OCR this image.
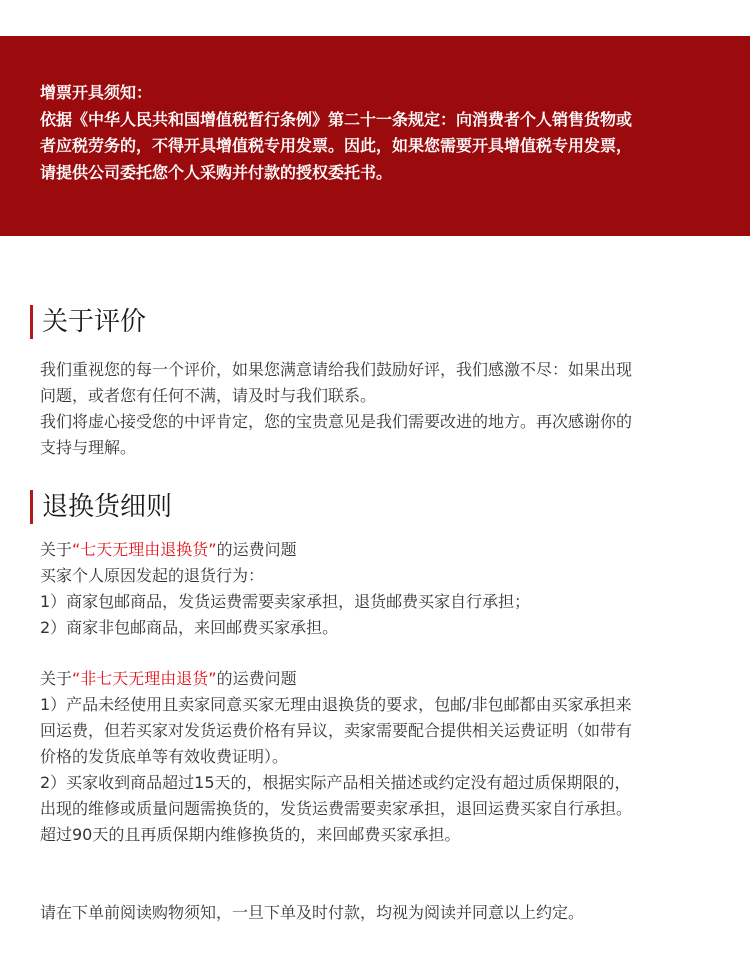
增票开具须知：

依据《中华人民共和国增值税暂行条例》第二十一条规定：向消费者个人销售货物或

者应税劳务的，不得开具增值税专用发票。因此，如果您需要开具增值税专用发票，

请提供公司委托您个人采购并付款的授权委托书。

关于评价

我们重视您的每一个评价，如果您满意请给我们鼓励好评，我们感激不尽：如果出现

问题，或者您有任何不满，请及时与我们联系。

我们将虚心接受您的中评肯定，您的宝贵意见是我们需要改进的地方。再次感谢你的

支持与理解。

退换货细则

关于“七天无理由退换货”的运费问题

买家个人原因发起的退货行为：

1）商家包邮商品，发货运费需要卖家承担，退货邮费买家自行承担；

2）商家非包邮商品，来回邮费买家承担。

关于“非七天无理由退货”的运费问题

1）产品未经使用且卖家同意买家无理由退换货的要求，包邮/非包邮都由买家承担来

回运费，但若买家对发货运费价格有异议，卖家需要配合提供相关运费证明（如带有

价格的发货底单等有效收费证明）。

2）买家收到商品超过15天的，根据实际产品相关描述或约定没有超过质保期限的，

出现的维修或质量问题需换货的，发货运费需要卖家承担，退回运费买家自行承担。

超过90天的且再质保期内维修换货的，来回邮费买家承担。

请在下单前阅读购物须知，一旦下单及时付款，均视为阅读并同意以上约定。
